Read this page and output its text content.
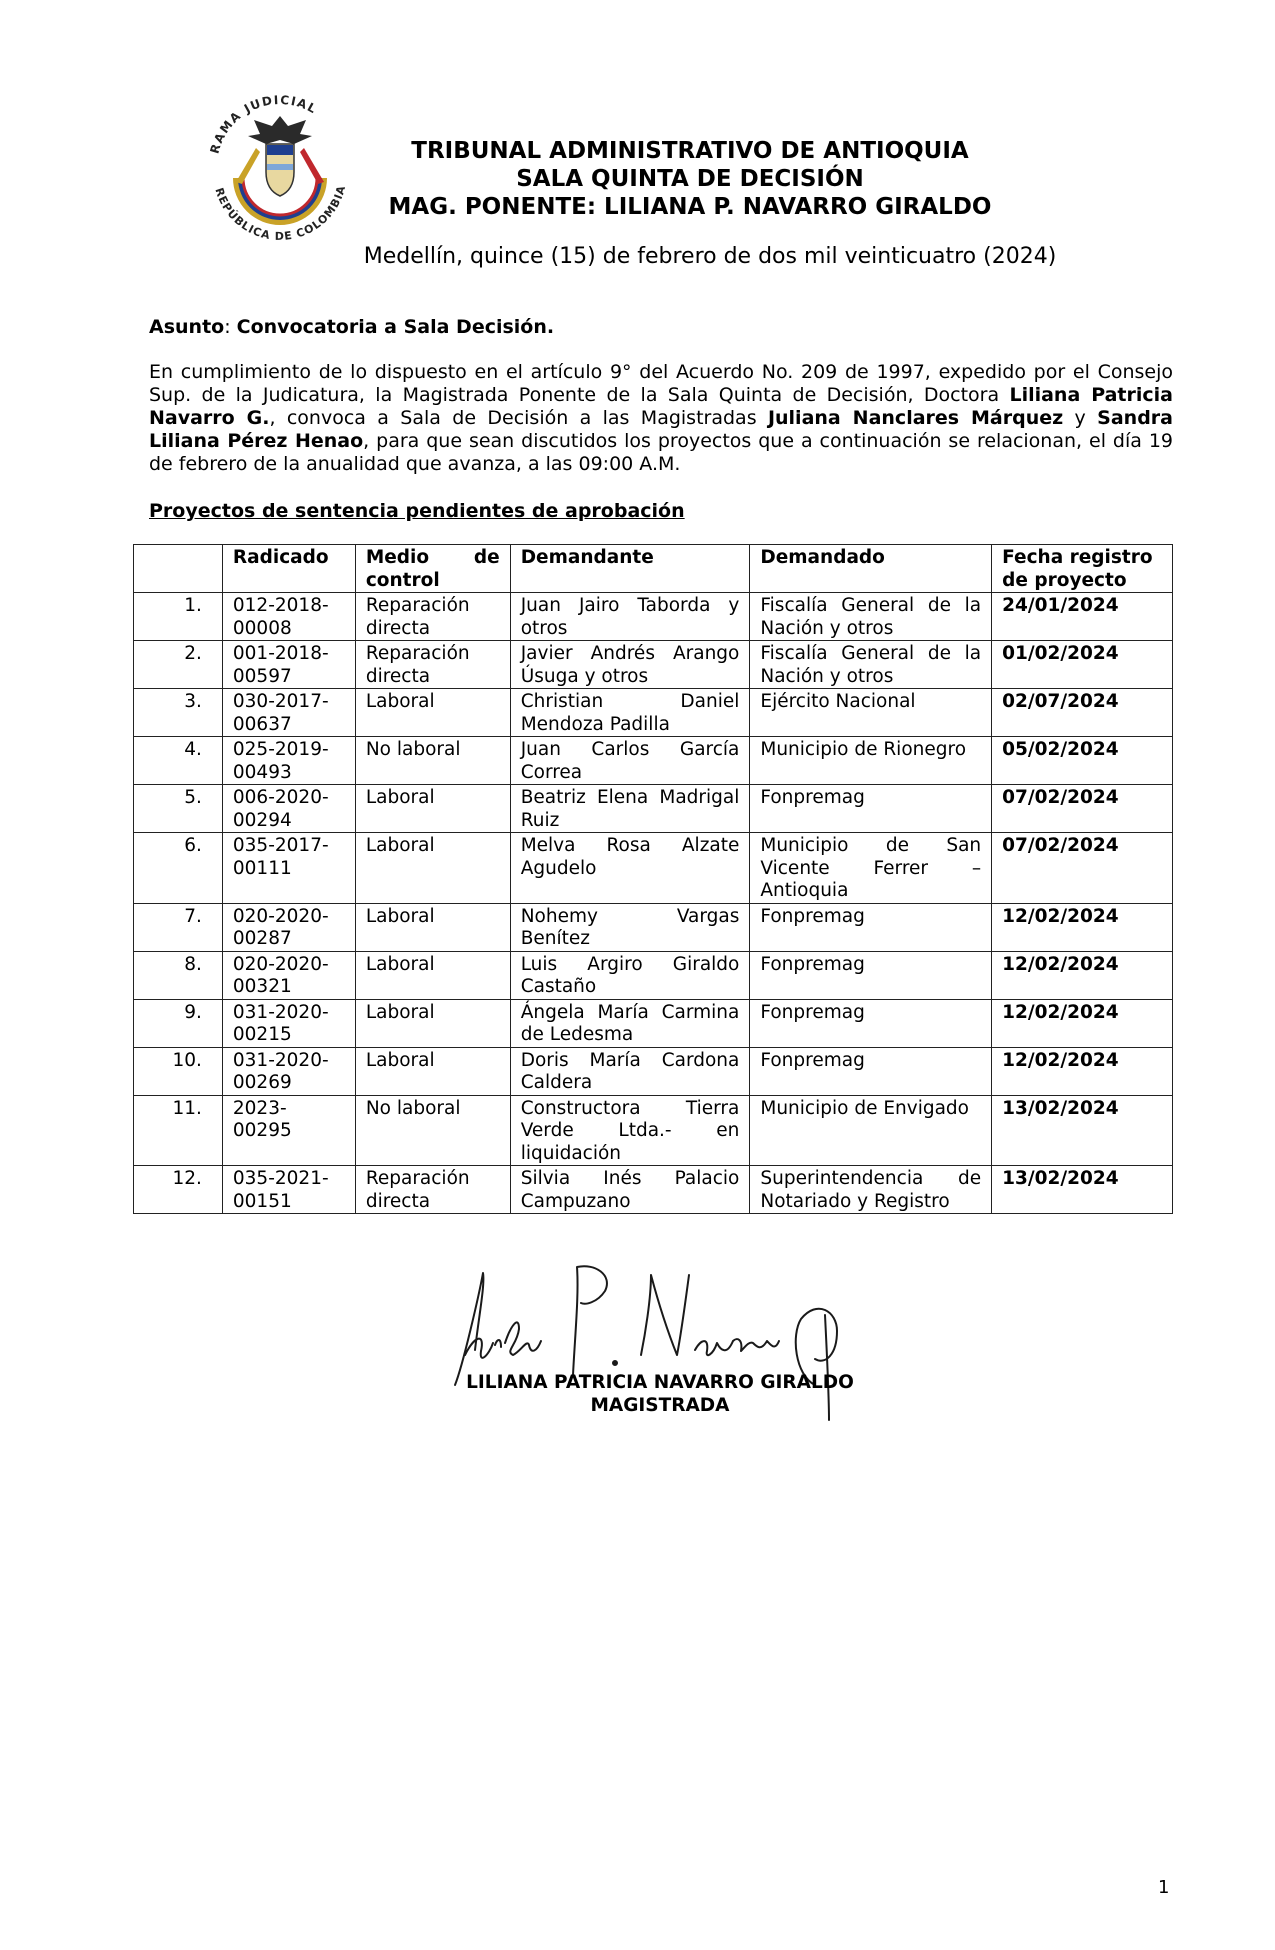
RAMA JUDICIAL
REPÚBLICA DE COLOMBIA
TRIBUNAL ADMINISTRATIVO DE ANTIOQUIA
SALA QUINTA DE DECISIÓN
MAG. PONENTE: LILIANA P. NAVARRO GIRALDO
Medellín, quince (15) de febrero de dos mil veinticuatro (2024)
Asunto: Convocatoria a Sala Decisión.
En cumplimiento de lo dispuesto en el artículo 9° del Acuerdo No. 209 de 1997, expedido por el Consejo Sup. de la Judicatura, la Magistrada Ponente de la Sala Quinta de Decisión, Doctora Liliana Patricia Navarro G., convoca a Sala de Decisión a las Magistradas Juliana Nanclares Márquez y Sandra Liliana Pérez Henao, para que sean discutidos los proyectos que a continuación se relacionan, el día 19 de febrero de la anualidad que avanza, a las 09:00 A.M.
Proyectos de sentencia pendientes de aprobación
	Radicado	Medio de control	Demandante	Demandado	Fecha registro de proyecto
1.	012-2018-00008	Reparación directa	Juan Jairo Taborda y otros	Fiscalía General de la Nación y otros	24/01/2024
2.	001-2018-00597	Reparación directa	Javier Andrés Arango Úsuga y otros	Fiscalía General de la Nación y otros	01/02/2024
3.	030-2017-00637	Laboral	Christian Daniel Mendoza Padilla	Ejército Nacional	02/07/2024
4.	025-2019-00493	No laboral	Juan Carlos García Correa	Municipio de Rionegro	05/02/2024
5.	006-2020-00294	Laboral	Beatriz Elena Madrigal Ruiz	Fonpremag	07/02/2024
6.	035-2017-00111	Laboral	Melva Rosa Alzate Agudelo	Municipio de San Vicente Ferrer – Antioquia	07/02/2024
7.	020-2020-00287	Laboral	Nohemy Vargas Benítez	Fonpremag	12/02/2024
8.	020-2020-00321	Laboral	Luis Argiro Giraldo Castaño	Fonpremag	12/02/2024
9.	031-2020-00215	Laboral	Ángela María Carmina de Ledesma	Fonpremag	12/02/2024
10.	031-2020-00269	Laboral	Doris María Cardona Caldera	Fonpremag	12/02/2024
11.	2023-00295	No laboral	Constructora Tierra Verde Ltda.- en liquidación	Municipio de Envigado	13/02/2024
12.	035-2021-00151	Reparación directa	Silvia Inés Palacio Campuzano	Superintendencia de Notariado y Registro	13/02/2024
LILIANA PATRICIA NAVARRO GIRALDO
MAGISTRADA
1
